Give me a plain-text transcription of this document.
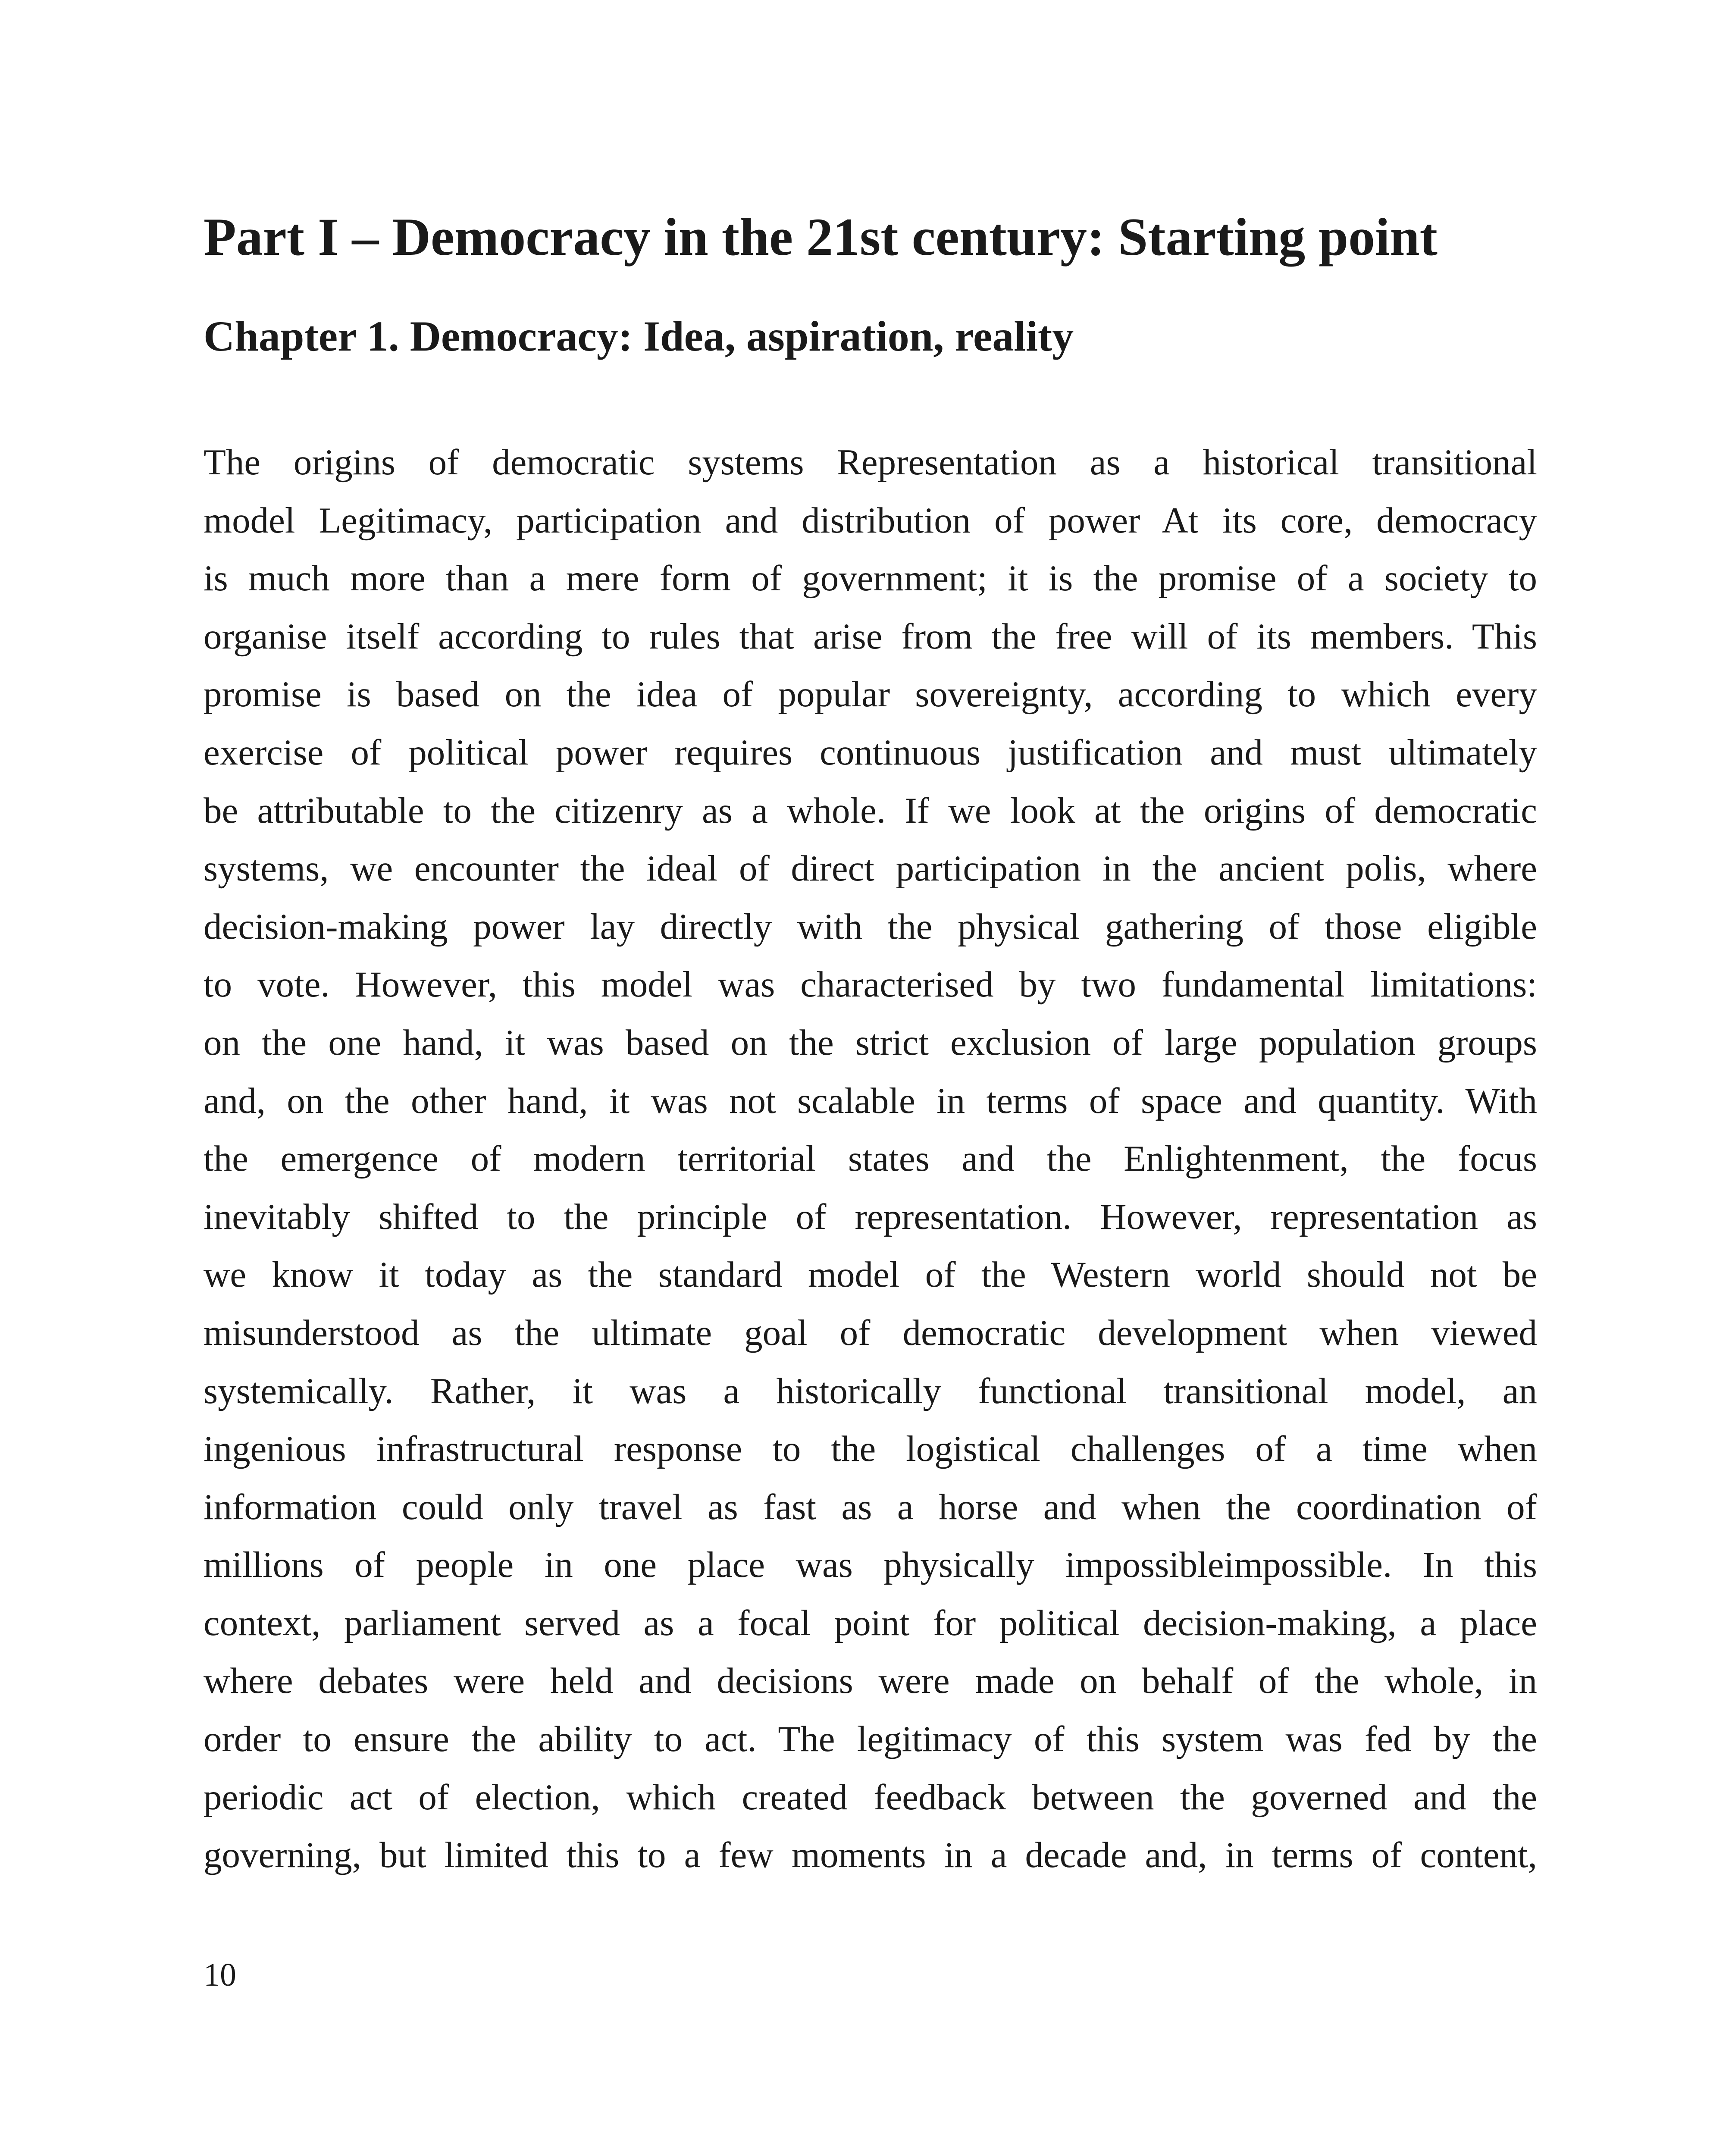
Part I – Democracy in the 21st century: Starting point
Chapter 1. Democracy: Idea, aspiration, reality
The origins of democratic systems Representation as a historical transitional
model Legitimacy, participation and distribution of power At its core, democracy
is much more than a mere form of government; it is the promise of a society to
organise itself according to rules that arise from the free will of its members. This
promise is based on the idea of popular sovereignty, according to which every
exercise of political power requires continuous justification and must ultimately
be attributable to the citizenry as a whole. If we look at the origins of democratic
systems, we encounter the ideal of direct participation in the ancient polis, where
decision-making power lay directly with the physical gathering of those eligible
to vote. However, this model was characterised by two fundamental limitations:
on the one hand, it was based on the strict exclusion of large population groups
and, on the other hand, it was not scalable in terms of space and quantity. With
the emergence of modern territorial states and the Enlightenment, the focus
inevitably shifted to the principle of representation. However, representation as
we know it today as the standard model of the Western world should not be
misunderstood as the ultimate goal of democratic development when viewed
systemically. Rather, it was a historically functional transitional model, an
ingenious infrastructural response to the logistical challenges of a time when
information could only travel as fast as a horse and when the coordination of
millions of people in one place was physically impossibleimpossible. In this
context, parliament served as a focal point for political decision-making, a place
where debates were held and decisions were made on behalf of the whole, in
order to ensure the ability to act. The legitimacy of this system was fed by the
periodic act of election, which created feedback between the governed and the
governing, but limited this to a few moments in a decade and, in terms of content,
10
